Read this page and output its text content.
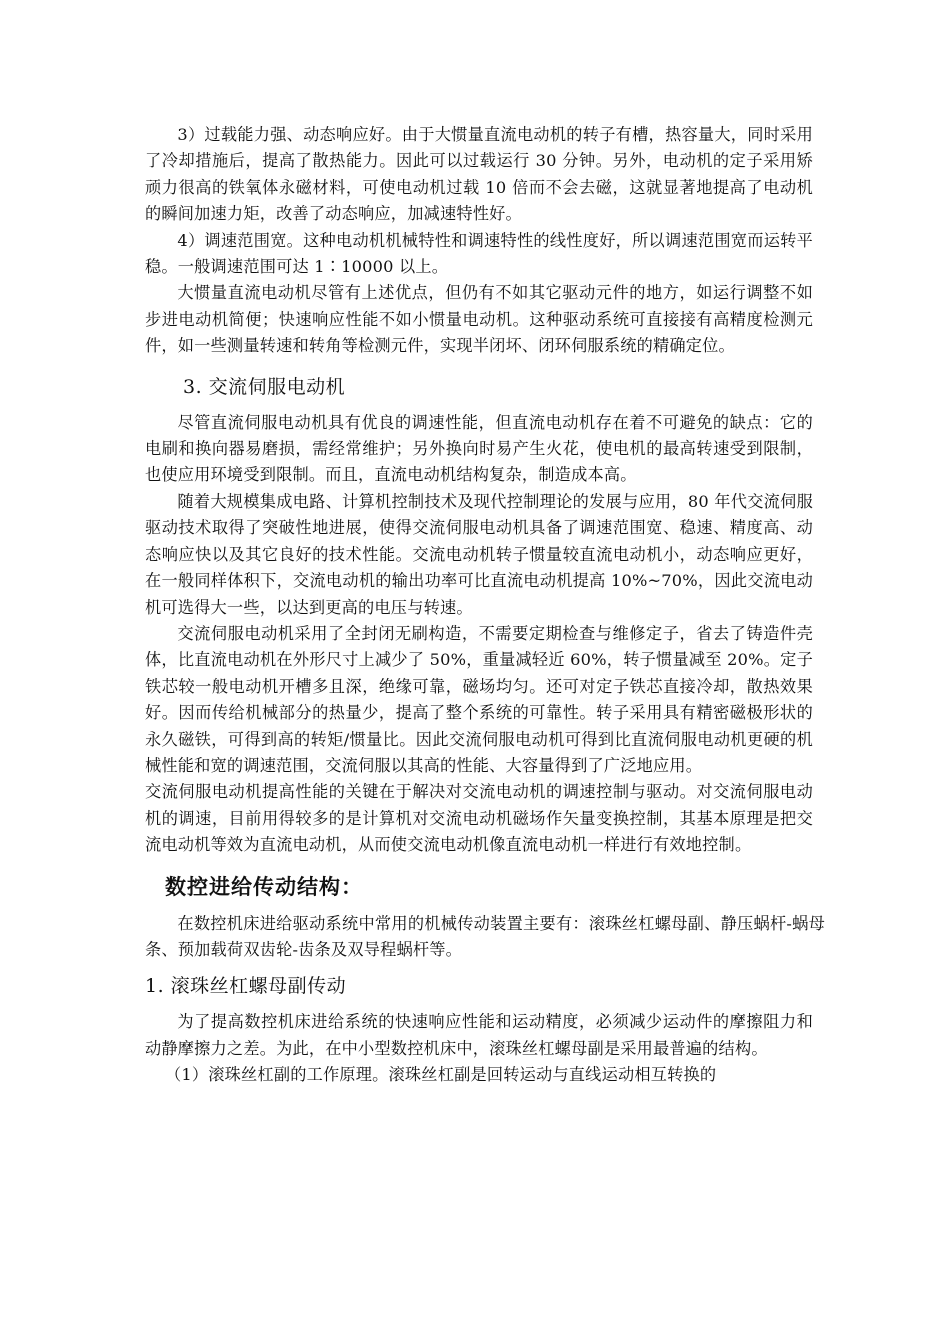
3）过载能力强、动态响应好。由于大惯量直流电动机的转子有槽，热容量大，同时采用了冷却措施后，提高了散热能力。因此可以过载运行 30 分钟。另外，电动机的定子采用矫顽力很高的铁氧体永磁材料，可使电动机过载 10 倍而不会去磁，这就显著地提高了电动机的瞬间加速力矩，改善了动态响应，加减速特性好。

4）调速范围宽。这种电动机机械特性和调速特性的线性度好，所以调速范围宽而运转平稳。一般调速范围可达 1∶10000 以上。

大惯量直流电动机尽管有上述优点，但仍有不如其它驱动元件的地方，如运行调整不如步进电动机简便；快速响应性能不如小惯量电动机。这种驱动系统可直接接有高精度检测元件，如一些测量转速和转角等检测元件，实现半闭坏、闭环伺服系统的精确定位。

3. 交流伺服电动机

尽管直流伺服电动机具有优良的调速性能，但直流电动机存在着不可避免的缺点：它的电刷和换向器易磨损，需经常维护；另外换向时易产生火花，使电机的最高转速受到限制，也使应用环境受到限制。而且，直流电动机结构复杂，制造成本高。

随着大规模集成电路、计算机控制技术及现代控制理论的发展与应用，80 年代交流伺服驱动技术取得了突破性地进展，使得交流伺服电动机具备了调速范围宽、稳速、精度高、动态响应快以及其它良好的技术性能。交流电动机转子惯量较直流电动机小，动态响应更好，在一般同样体积下，交流电动机的输出功率可比直流电动机提高 10%~70%，因此交流电动机可选得大一些，以达到更高的电压与转速。

交流伺服电动机采用了全封闭无刷构造，不需要定期检查与维修定子，省去了铸造件壳体，比直流电动机在外形尺寸上减少了 50%，重量减轻近 60%，转子惯量减至 20%。定子铁芯较一般电动机开槽多且深，绝缘可靠，磁场均匀。还可对定子铁芯直接冷却，散热效果好。因而传给机械部分的热量少，提高了整个系统的可靠性。转子采用具有精密磁极形状的永久磁铁，可得到高的转矩/惯量比。因此交流伺服电动机可得到比直流伺服电动机更硬的机械性能和宽的调速范围，交流伺服以其高的性能、大容量得到了广泛地应用。

交流伺服电动机提高性能的关键在于解决对交流电动机的调速控制与驱动。对交流伺服电动机的调速，目前用得较多的是计算机对交流电动机磁场作矢量变换控制，其基本原理是把交流电动机等效为直流电动机，从而使交流电动机像直流电动机一样进行有效地控制。

数控进给传动结构：

在数控机床进给驱动系统中常用的机械传动装置主要有：滚珠丝杠螺母副、静压蜗杆-蜗母条、预加载荷双齿轮-齿条及双导程蜗杆等。

1. 滚珠丝杠螺母副传动

为了提高数控机床进给系统的快速响应性能和运动精度，必须减少运动件的摩擦阻力和动静摩擦力之差。为此，在中小型数控机床中，滚珠丝杠螺母副是采用最普遍的结构。

（1）滚珠丝杠副的工作原理。滚珠丝杠副是回转运动与直线运动相互转换的
